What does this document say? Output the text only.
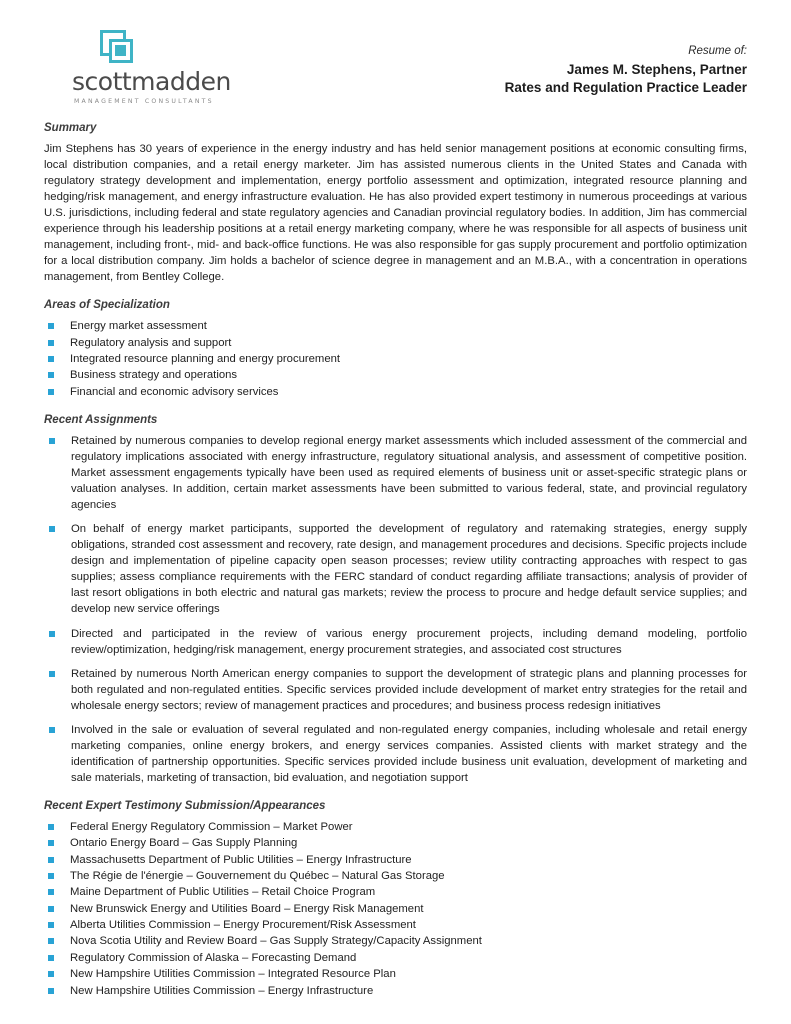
scottmadden
MANAGEMENT CONSULTANTS
Resume of:
James M. Stephens, Partner
Rates and Regulation Practice Leader
Summary

Jim Stephens has 30 years of experience in the energy industry and has held senior management positions at economic consulting firms, local distribution companies, and a retail energy marketer. Jim has assisted numerous clients in the United States and Canada with regulatory strategy development and implementation, energy portfolio assessment and optimization, integrated resource planning and hedging/risk management, and energy infrastructure evaluation. He has also provided expert testimony in numerous proceedings at various U.S. jurisdictions, including federal and state regulatory agencies and Canadian provincial regulatory bodies. In addition, Jim has commercial experience through his leadership positions at a retail energy marketing company, where he was responsible for all aspects of business unit management, including front-, mid- and back-office functions. He was also responsible for gas supply procurement and portfolio optimization for a local distribution company. Jim holds a bachelor of science degree in management and an M.B.A., with a concentration in operations management, from Bentley College.

Areas of Specialization
Energy market assessment
Regulatory analysis and support
Integrated resource planning and energy procurement
Business strategy and operations
Financial and economic advisory services
Recent Assignments
Retained by numerous companies to develop regional energy market assessments which included assessment of the commercial and regulatory implications associated with energy infrastructure, regulatory situational analysis, and assessment of competitive position. Market assessment engagements typically have been used as required elements of business unit or asset-specific strategic plans or valuation analyses. In addition, certain market assessments have been submitted to various federal, state, and provincial regulatory agencies
On behalf of energy market participants, supported the development of regulatory and ratemaking strategies, energy supply obligations, stranded cost assessment and recovery, rate design, and management procedures and decisions. Specific projects include design and implementation of pipeline capacity open season processes; review utility contracting approaches with respect to gas supplies; assess compliance requirements with the FERC standard of conduct regarding affiliate transactions; analysis of provider of last resort obligations in both electric and natural gas markets; review the process to procure and hedge default service supplies; and develop new service offerings
Directed and participated in the review of various energy procurement projects, including demand modeling, portfolio review/optimization, hedging/risk management, energy procurement strategies, and associated cost structures
Retained by numerous North American energy companies to support the development of strategic plans and planning processes for both regulated and non-regulated entities. Specific services provided include development of market entry strategies for the retail and wholesale energy sectors; review of management practices and procedures; and business process redesign initiatives
Involved in the sale or evaluation of several regulated and non-regulated energy companies, including wholesale and retail energy marketing companies, online energy brokers, and energy services companies. Assisted clients with market strategy and the identification of partnership opportunities. Specific services provided include business unit evaluation, development of marketing and sale materials, marketing of transaction, bid evaluation, and negotiation support
Recent Expert Testimony Submission/Appearances
Federal Energy Regulatory Commission – Market Power
Ontario Energy Board – Gas Supply Planning
Massachusetts Department of Public Utilities – Energy Infrastructure
The Régie de l'énergie – Gouvernement du Québec – Natural Gas Storage
Maine Department of Public Utilities – Retail Choice Program
New Brunswick Energy and Utilities Board – Energy Risk Management
Alberta Utilities Commission – Energy Procurement/Risk Assessment
Nova Scotia Utility and Review Board – Gas Supply Strategy/Capacity Assignment
Regulatory Commission of Alaska – Forecasting Demand
New Hampshire Utilities Commission – Integrated Resource Plan
New Hampshire Utilities Commission – Energy Infrastructure
